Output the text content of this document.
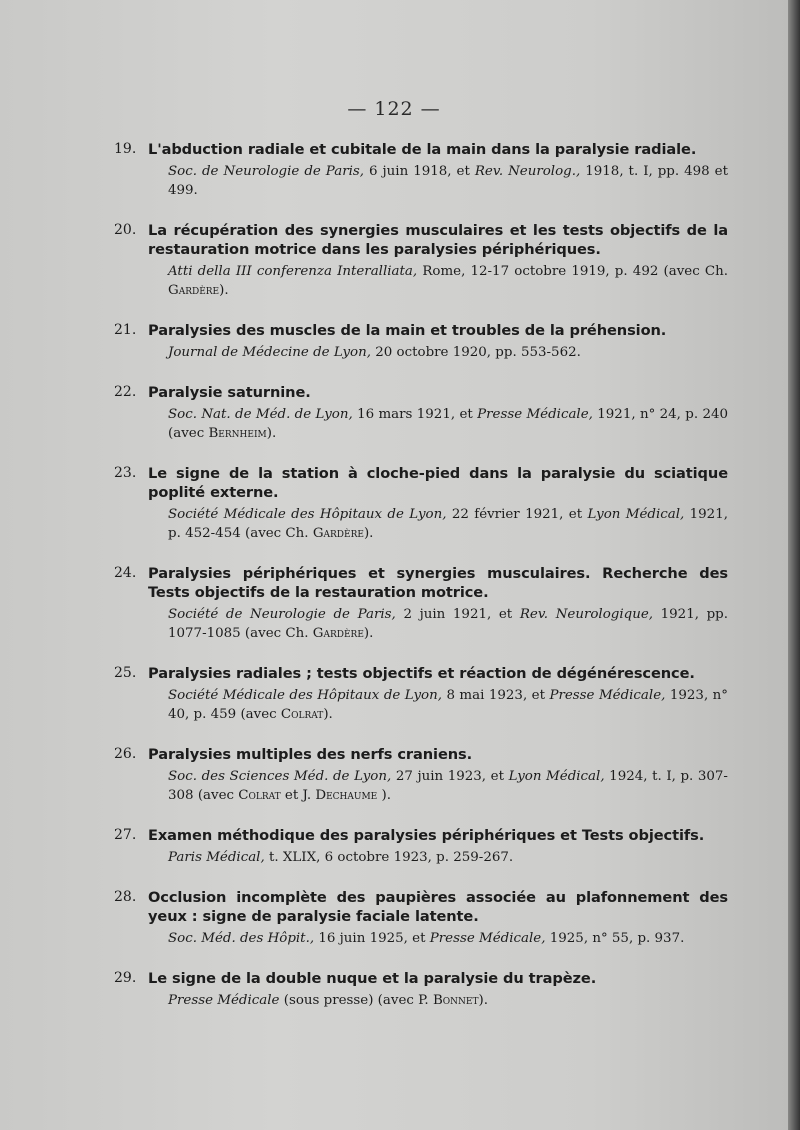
— 122 —
19. L'abduction radiale et cubitale de la main dans la paralysie radiale.
Soc. de Neurologie de Paris, 6 juin 1918, et Rev. Neurolog., 1918, t. I, pp. 498 et 499.
20. La récupération des synergies musculaires et les tests objectifs de la restauration motrice dans les paralysies périphériques.
Atti della III conferenza Interalliata, Rome, 12-17 octobre 1919, p. 492 (avec Ch. Gardère).
21. Paralysies des muscles de la main et troubles de la préhension.
Journal de Médecine de Lyon, 20 octobre 1920, pp. 553-562.
22. Paralysie saturnine.
Soc. Nat. de Méd. de Lyon, 16 mars 1921, et Presse Médicale, 1921, n° 24, p. 240 (avec Bernheim).
23. Le signe de la station à cloche-pied dans la paralysie du sciatique poplité externe.
Société Médicale des Hôpitaux de Lyon, 22 février 1921, et Lyon Médical, 1921, p. 452-454 (avec Ch. Gardère).
24. Paralysies périphériques et synergies musculaires. Recherche des Tests objectifs de la restauration motrice.
Société de Neurologie de Paris, 2 juin 1921, et Rev. Neurologique, 1921, pp. 1077-1085 (avec Ch. Gardère).
25. Paralysies radiales ; tests objectifs et réaction de dégénérescence.
Société Médicale des Hôpitaux de Lyon, 8 mai 1923, et Presse Médicale, 1923, n° 40, p. 459 (avec Colrat).
26. Paralysies multiples des nerfs craniens.
Soc. des Sciences Méd. de Lyon, 27 juin 1923, et Lyon Médical, 1924, t. I, p. 307-308 (avec Colrat et J. Dechaume ).
27. Examen méthodique des paralysies périphériques et Tests objectifs.
Paris Médical, t. XLIX, 6 octobre 1923, p. 259-267.
28. Occlusion incomplète des paupières associée au plafonnement des yeux : signe de paralysie faciale latente.
Soc. Méd. des Hôpit., 16 juin 1925, et Presse Médicale, 1925, n° 55, p. 937.
29. Le signe de la double nuque et la paralysie du trapèze.
Presse Médicale (sous presse) (avec P. Bonnet).
